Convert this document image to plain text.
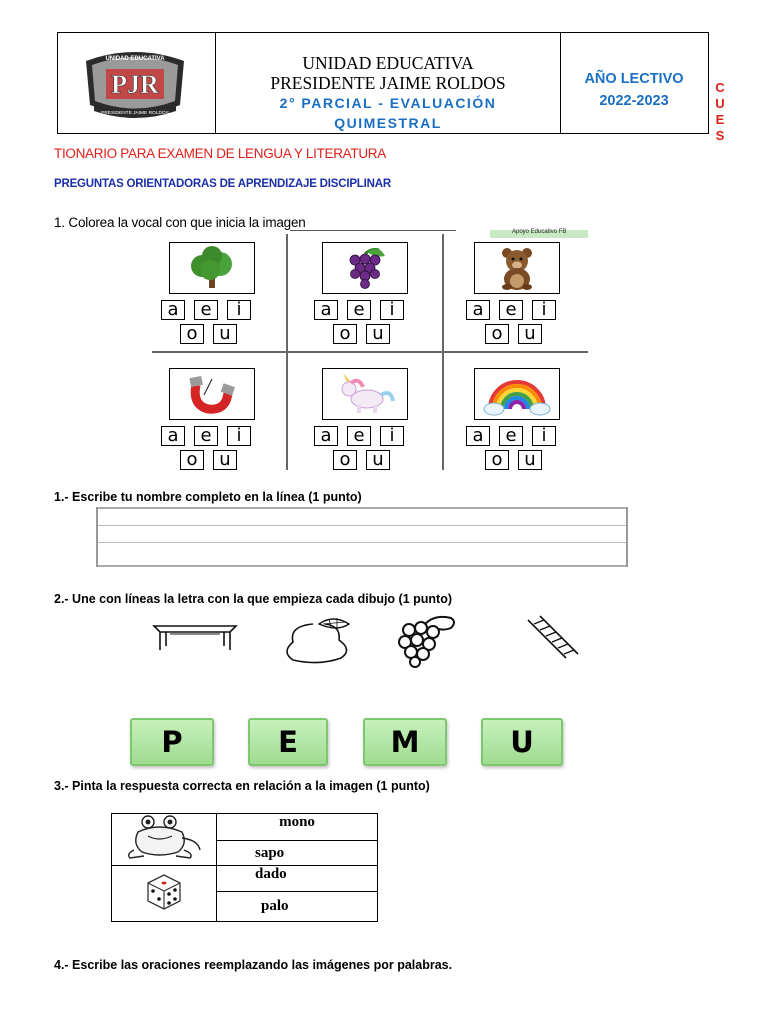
PJR
UNIDAD EDUCATIVA
PRESIDENTE JAIME ROLDOS
UNIDAD EDUCATIVA
PRESIDENTE JAIME ROLDOS
2° PARCIAL - EVALUACIÓN
QUIMESTRAL
AÑO LECTIVO
2022-2023
C
U
E
S
TIONARIO PARA EXAMEN DE LENGUA Y LITERATURA
PREGUNTAS ORIENTADORAS DE APRENDIZAJE DISCIPLINAR
1. Colorea la vocal con que inicia la imagen
Apoyo Educativo FB
a	e	i
o	u
a	e	i
o	u
a	e	i
o	u
a	e	i
o	u
a	e	i
o	u
a	e	i
o	u
1.- Escribe tu nombre completo en la línea (1 punto)
2.- Une con líneas la letra con la que empieza cada dibujo (1 punto)
P	E	M	U
3.- Pinta la respuesta correcta en relación a la imagen (1 punto)
	mono
	sapo
	dado
	palo
4.- Escribe las oraciones reemplazando las imágenes por palabras.
